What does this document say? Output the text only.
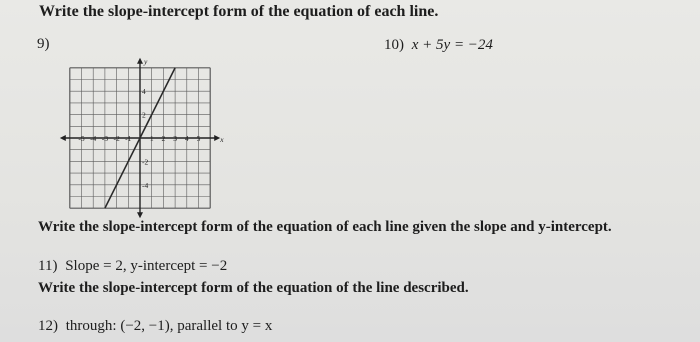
Write the slope-intercept form of the equation of each line.
9)	10) x + 5y = −24
-5 -4 -3 -2 -1 1 2 3 4 5
4
2
-2
-4
x
y
Write the slope-intercept form of the equation of each line given the slope and y-intercept.
11) Slope = 2, y-intercept = −2
Write the slope-intercept form of the equation of the line described.
12) through: (−2, −1), parallel to y = x
